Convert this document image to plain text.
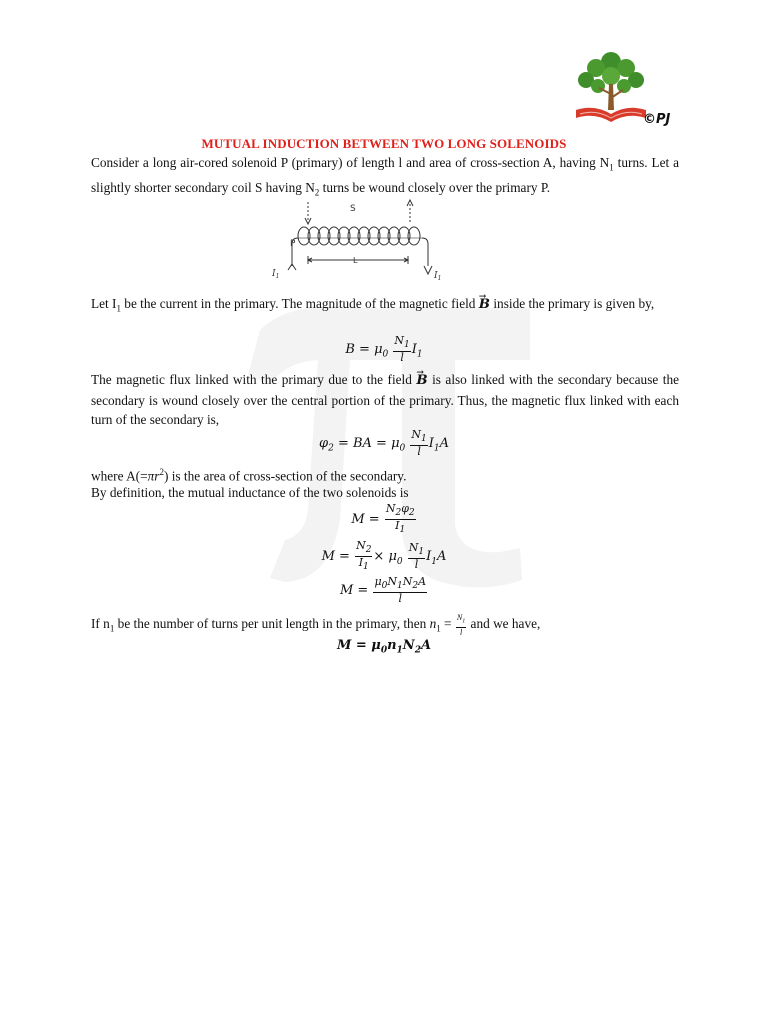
©PJ
MUTUAL INDUCTION BETWEEN TWO LONG SOLENOIDS
Consider a long air-cored solenoid P (primary) of length l and area of cross-section A, having $N_1$ turns. Let a slightly shorter secondary coil S having $N_2$ turns be wound closely over the primary P.
S
P
L
$I_1$	$I_1$
Let $I_1$ be the current in the primary. The magnitude of the magnetic field → B inside the primary is given by,
$B = \mu_0 \frac{N_1}{l} I_1$
The magnetic flux linked with the primary due to the field → B is also linked with the secondary because the secondary is wound closely over the central portion of the primary. Thus, the magnetic flux linked with each turn of the secondary is,
$\varphi_2$ = BA = $\mu_0 \frac{N_1}{l} I_1A$
where $A(=\pi r^2)$ is the area of cross-section of the secondary.
By definition, the mutual inductance of the two solenoids is
$M = \frac{N_2\varphi_2}{I_1}$
$M = \frac{N_2}{I_1} \times \mu_0 \frac{N_1}{l} I_1A$
$M = \frac{\mu_0N_1N_2A}{l}$
If $n_1$ be the number of turns per unit length in the primary, then $n_1 = \frac{N_1}{l}$ and we have,
$M = \mu_0n_1N_2A$
